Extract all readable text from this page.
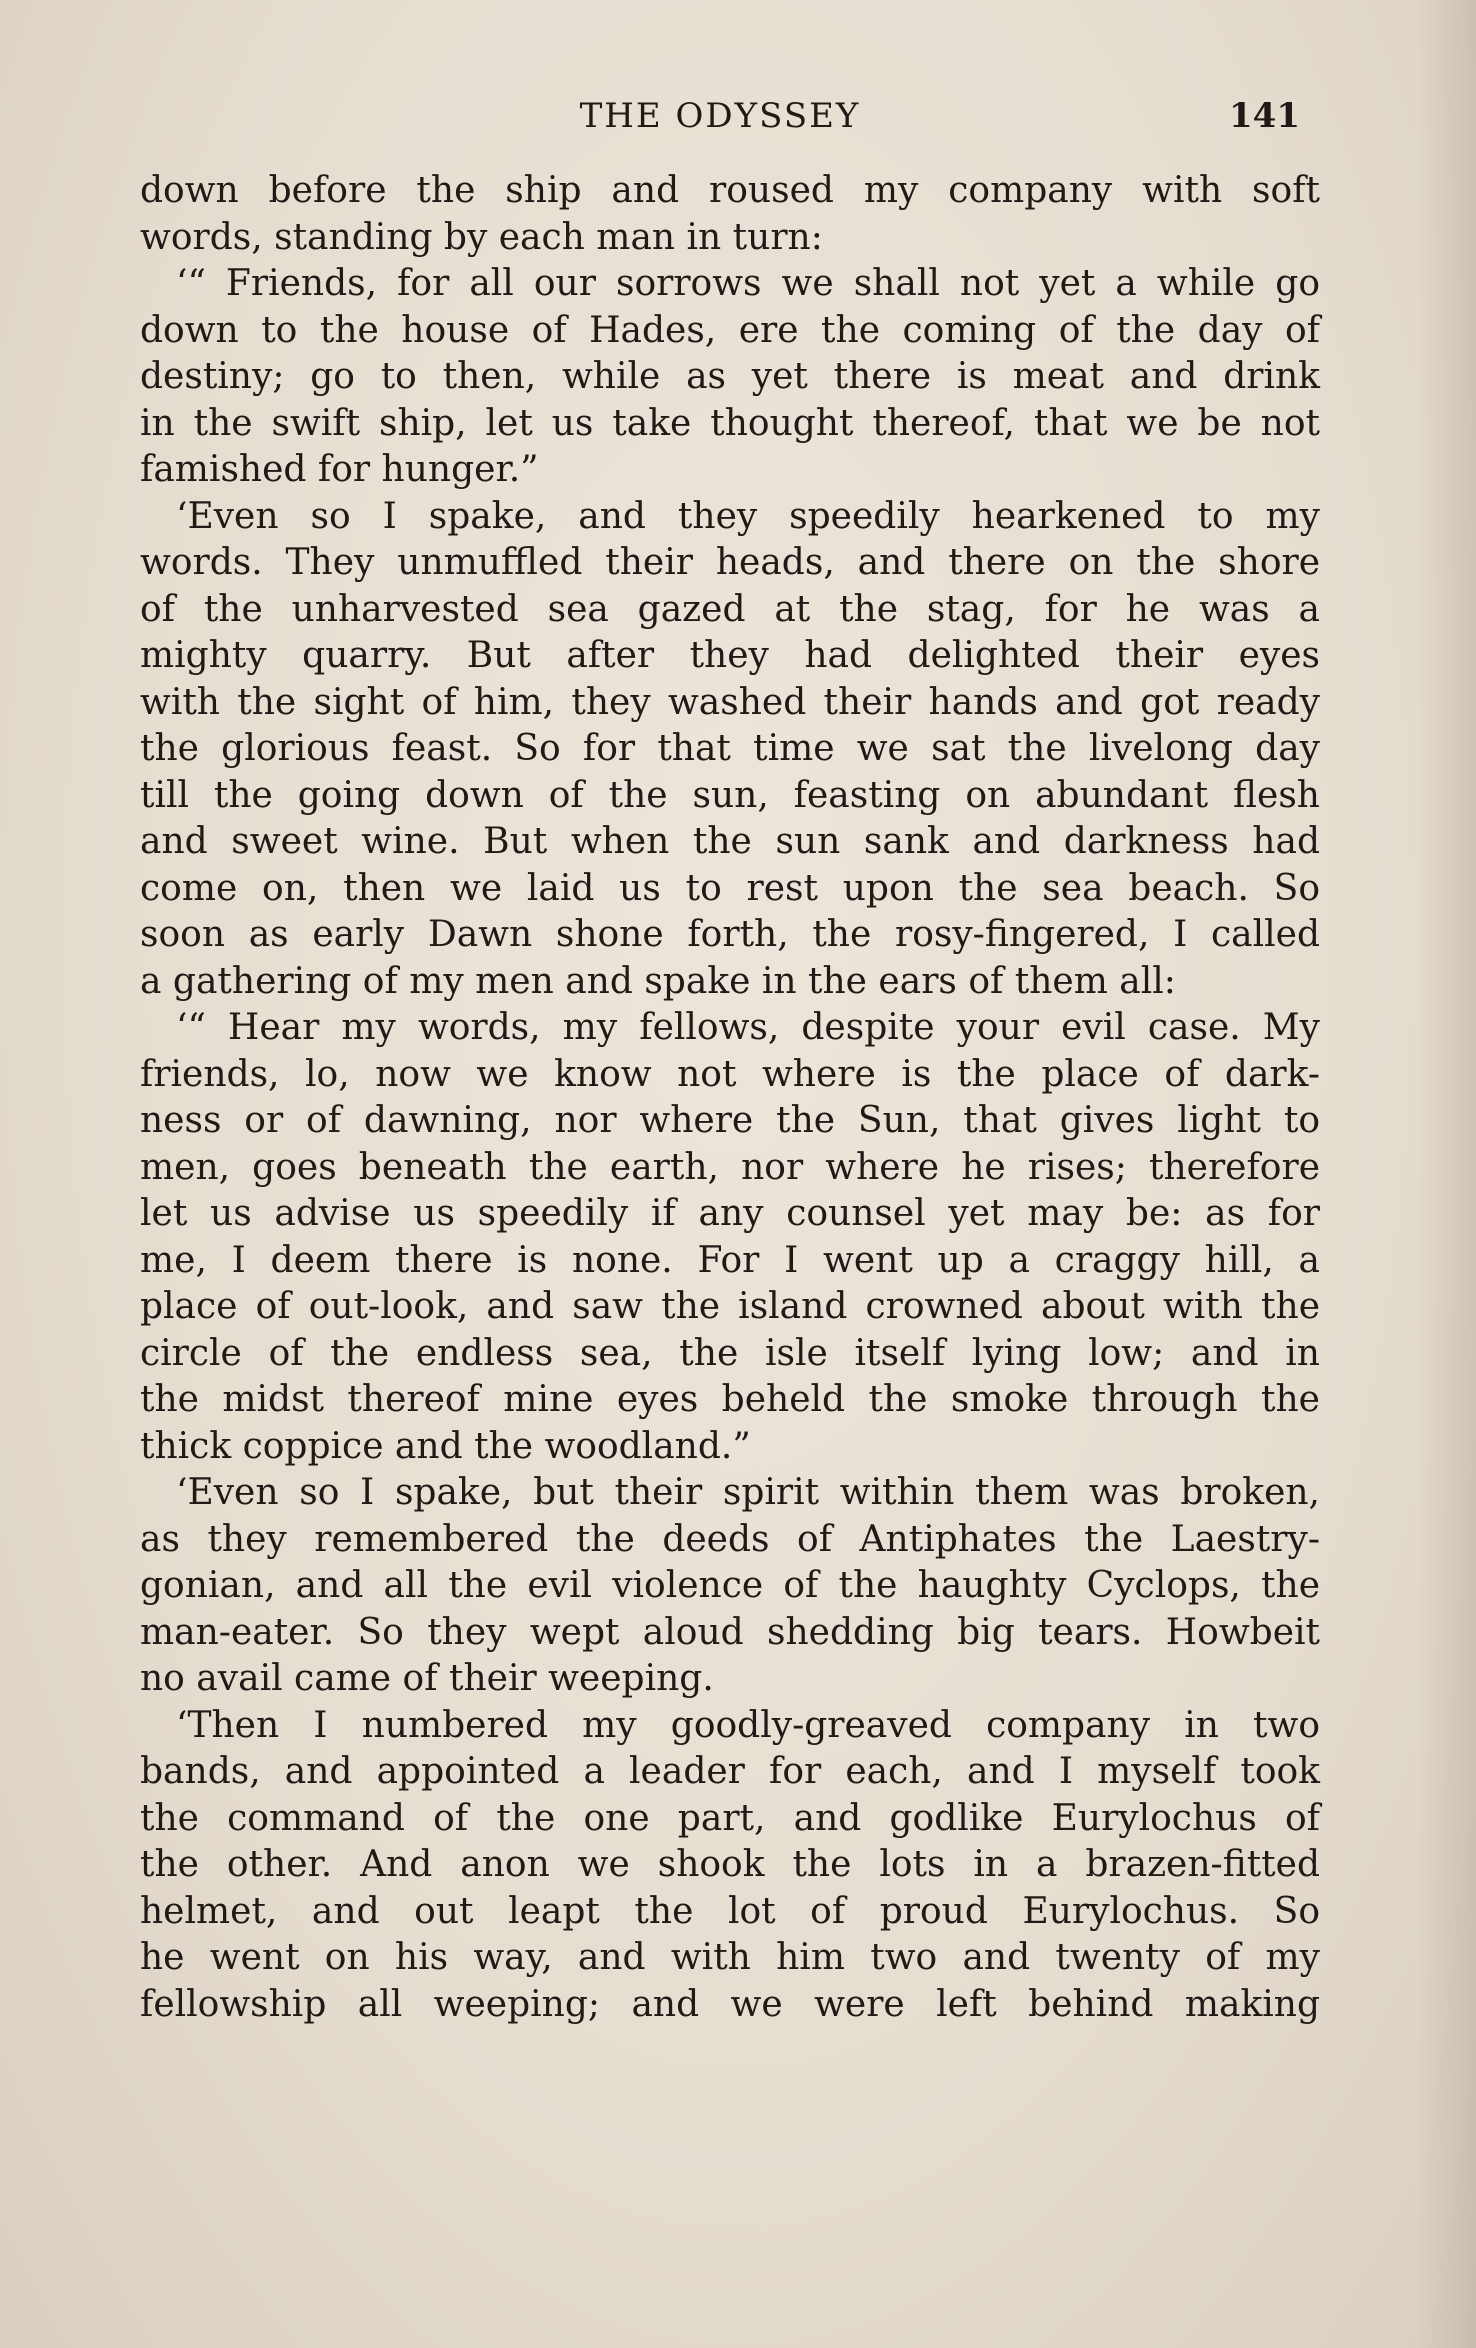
THE ODYSSEY	141
down before the ship and roused my company with soft
words, standing by each man in turn:
‘“ Friends, for all our sorrows we shall not yet a while go
down to the house of Hades, ere the coming of the day of
destiny; go to then, while as yet there is meat and drink
in the swift ship, let us take thought thereof, that we be not
famished for hunger.”
‘Even so I spake, and they speedily hearkened to my
words. They unmuffled their heads, and there on the shore
of the unharvested sea gazed at the stag, for he was a
mighty quarry. But after they had delighted their eyes
with the sight of him, they washed their hands and got ready
the glorious feast. So for that time we sat the livelong day
till the going down of the sun, feasting on abundant flesh
and sweet wine. But when the sun sank and darkness had
come on, then we laid us to rest upon the sea beach. So
soon as early Dawn shone forth, the rosy-fingered, I called
a gathering of my men and spake in the ears of them all:
‘“ Hear my words, my fellows, despite your evil case. My
friends, lo, now we know not where is the place of dark-
ness or of dawning, nor where the Sun, that gives light to
men, goes beneath the earth, nor where he rises; therefore
let us advise us speedily if any counsel yet may be: as for
me, I deem there is none. For I went up a craggy hill, a
place of out-look, and saw the island crowned about with the
circle of the endless sea, the isle itself lying low; and in
the midst thereof mine eyes beheld the smoke through the
thick coppice and the woodland.”
‘Even so I spake, but their spirit within them was broken,
as they remembered the deeds of Antiphates the Laestry-
gonian, and all the evil violence of the haughty Cyclops, the
man-eater. So they wept aloud shedding big tears. Howbeit
no avail came of their weeping.
‘Then I numbered my goodly-greaved company in two
bands, and appointed a leader for each, and I myself took
the command of the one part, and godlike Eurylochus of
the other. And anon we shook the lots in a brazen-fitted
helmet, and out leapt the lot of proud Eurylochus. So
he went on his way, and with him two and twenty of my
fellowship all weeping; and we were left behind making
